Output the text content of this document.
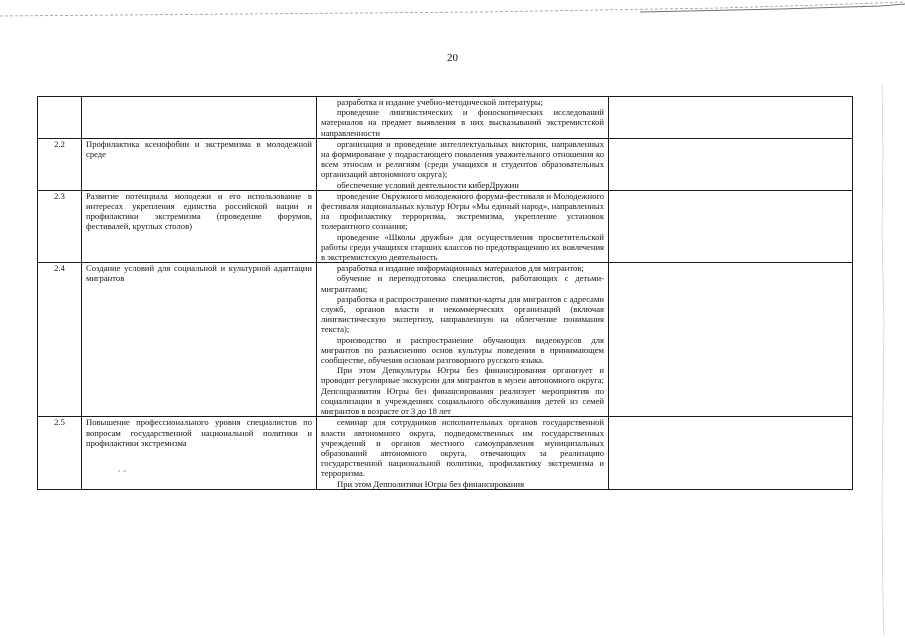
20

		разработка и издание учебно-методической литературы;
проведение лингвистических и фоноскопических исследований материалов на предмет выявления в них высказываний экстремистской направленности	

2.2	Профилактика ксенофобии и экстремизма в молодежной среде	организация и проведение интеллектуальных викторин, направленных на формирование у подрастающего поколения уважительного отношения ко всем этносам и религиям (среди учащихся и студентов образовательных организаций автономного округа);
обеспечение условий деятельности киберДружин	

2.3	Развитие потенциала молодежи и его использование в интересах укрепления единства российской нации и профилактики экстремизма (проведение форумов, фестивалей, круглых столов)	проведение Окружного молодежного форума-фестиваля и Молодежного фестиваля национальных культур Югры «Мы единый народ», направленных на профилактику терроризма, экстремизма, укрепление установок толерантного сознания;
проведение «Школы дружбы» для осуществления просветительской работы среди учащихся старших классов по предотвращению их вовлечения в экстремистскую деятельность	

2.4	Создание условий для социальной и культурной адаптации мигрантов	разработка и издание информационных материалов для мигрантов;
обучение и переподготовка специалистов, работающих с детьми-мигрантами;
разработка и распространение памятки-карты для мигрантов с адресами служб, органов власти и некоммерческих организаций (включая лингвистическую экспертизу, направленную на облегчение понимания текста);
производство и распространение обучающих видеокурсов для мигрантов по разъяснению основ культуры поведения в принимающем сообществе, обучения основам разговорного русского языка.
При этом Депкультуры Югры без финансирования организует и проводит регулярные экскурсии для мигрантов в музеи автономного округа; Депсоцразвития Югры без финансирования реализует мероприятия по социализации в учреждениях социального обслуживания детей из семей мигрантов в возрасте от 3 до 18 лет	

2.5	Повышение профессионального уровня специалистов по вопросам государственной национальной политики и профилактики экстремизма	семинар для сотрудников исполнительных органов государственной власти автономного округа, подведомственных им государственных учреждений и органов местного самоуправления муниципальных образований автономного округа, отвечающих за реализацию государственной национальной политики, профилактику экстремизма и терроризма.
При этом Депполитики Югры без финансирования	
